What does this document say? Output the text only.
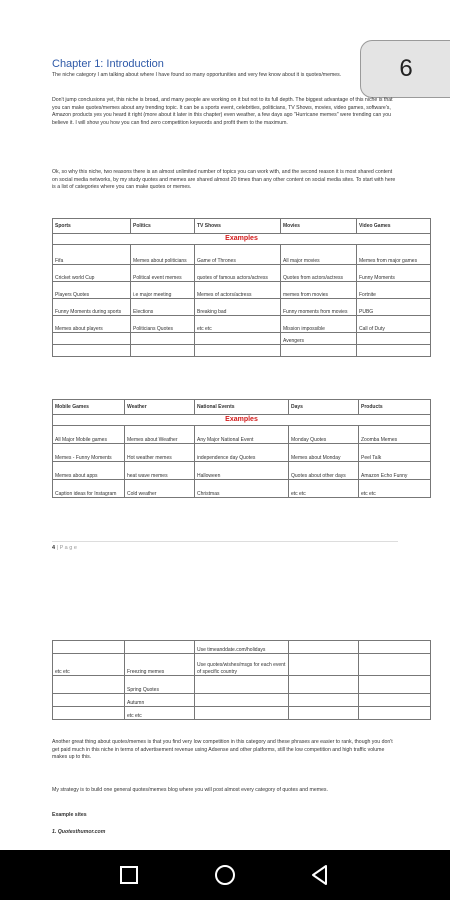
6
Chapter 1: Introduction

The niche category I am talking about where I have found so many opportunities and very few know about it is quotes/memes.

Don't jump conclusions yet, this niche is broad, and many people are working on it but not to its full depth. The biggest advantage of this niche is that you can make quotes/memes about any trending topic. It can be a sports event, celebrities, politicians, TV Shows, movies, video games, software's, Amazon products yes you heard it right (more about it later in this chapter) even weather, a few days ago "Hurricane memes" were trending can you believe it. I will show you how you can find zero competition keywords and profit them to the maximum.

Ok, so why this niche, two reasons there is an almost unlimited number of topics you can work with, and the second reason it is most shared content on social media networks, by my study quotes and memes are shared almost 20 times than any other content on social media sites. To start with here is a list of categories where you can make quotes or memes.

Sports	Politics	TV Shows	Movies	Video Games
Examples				
Fifa	Memes about politicians	Game of Thrones	All major movies	Memes from major games
Cricket world Cup	Political event memes	quotes of famous actors/actress	Quotes from actors/actress	Funny Moments
Players Quotes	i.e major meeting	Memes of actors/actress	memes from movies	Fortnite
Funny Moments during sports	Elections	Breaking bad	Funny moments from movies	PUBG
Memes about players	Politicians Quotes	etc etc	Mission impossible	Call of Duty
			Avengers	

Mobile Games	Weather	National Events	Days	Products
Examples				
All Major Mobile games	Memes about Weather	Any Major National Event	Monday Quotes	Zoomba Memes
Memes - Funny Moments	Hot weather memes	independence day Quotes	Memes about Monday	Peel Talk
Memes about apps	heat wave memes	Halloween	Quotes about other days	Amazon Echo Funny
Caption ideas for Instagram	Cold weather	Christmas	etc etc	etc etc
4 | P a g e
		Use timeanddate.com/holidays		
etc etc	Freezing memes	Use quotes/wishes/msgs for each event of specific country		
	Spring Quotes			
	Autumn			
	etc etc			

Another great thing about quotes/memes is that you find very low competition in this category and these phrases are easier to rank, though you don't get paid much in this niche in terms of advertisement revenue using Adsense and other platforms, still the low competition and high traffic volume makes up to this.

My strategy is to build one general quotes/memes blog where you will post almost every category of quotes and memes.

Example sites

1. Quotesthumor.com
